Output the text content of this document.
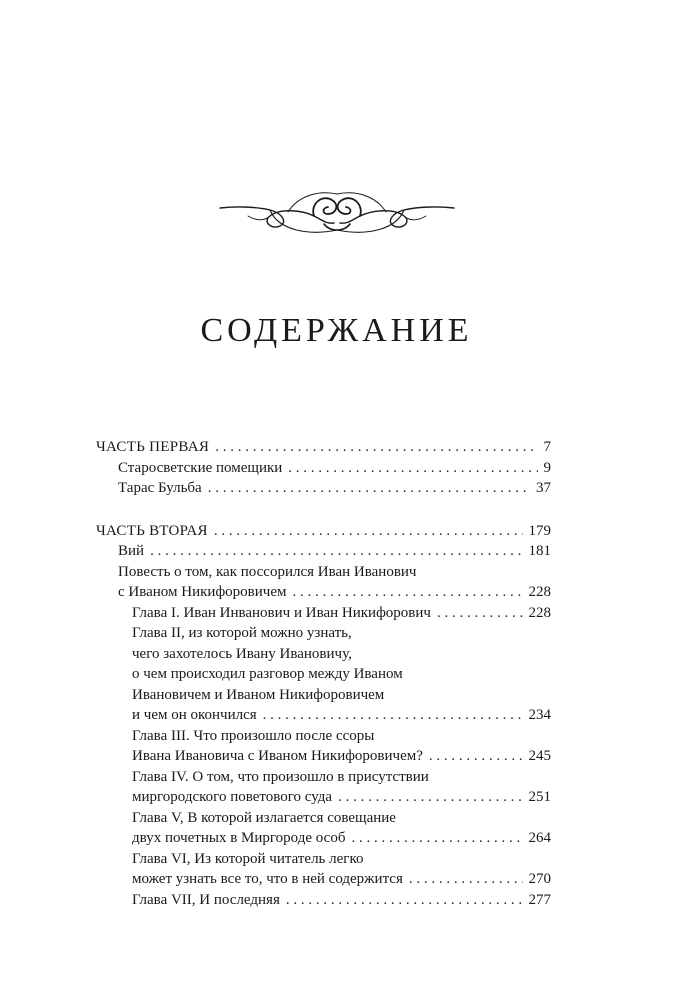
СОДЕРЖАНИЕ
ЧАСТЬ ПЕРВАЯ . . .	7
Старосветские помещики . . .	9
Тарас Бульба . . .	37
ЧАСТЬ ВТОРАЯ . . .	179
Вий . . .	181
Повесть о том, как поссорился Иван Иванович
с Иваном Никифоровичем . . .	228
Глава I. Иван Инванович и Иван Никифорович . . .	228
Глава II, из которой можно узнать,
чего захотелось Ивану Ивановичу,
о чем происходил разговор между Иваном
Ивановичем и Иваном Никифоровичем
и чем он окончился . . .	234
Глава III. Что произошло после ссоры
Ивана Ивановича с Иваном Никифоровичем? . . .	245
Глава IV. О том, что произошло в присутствии
миргородского поветового суда . . .	251
Глава V, В которой излагается совещание
двух почетных в Миргороде особ . . .	264
Глава VI, Из которой читатель легко
может узнать все то, что в ней содержится . . .	270
Глава VII, И последняя . . .	277
